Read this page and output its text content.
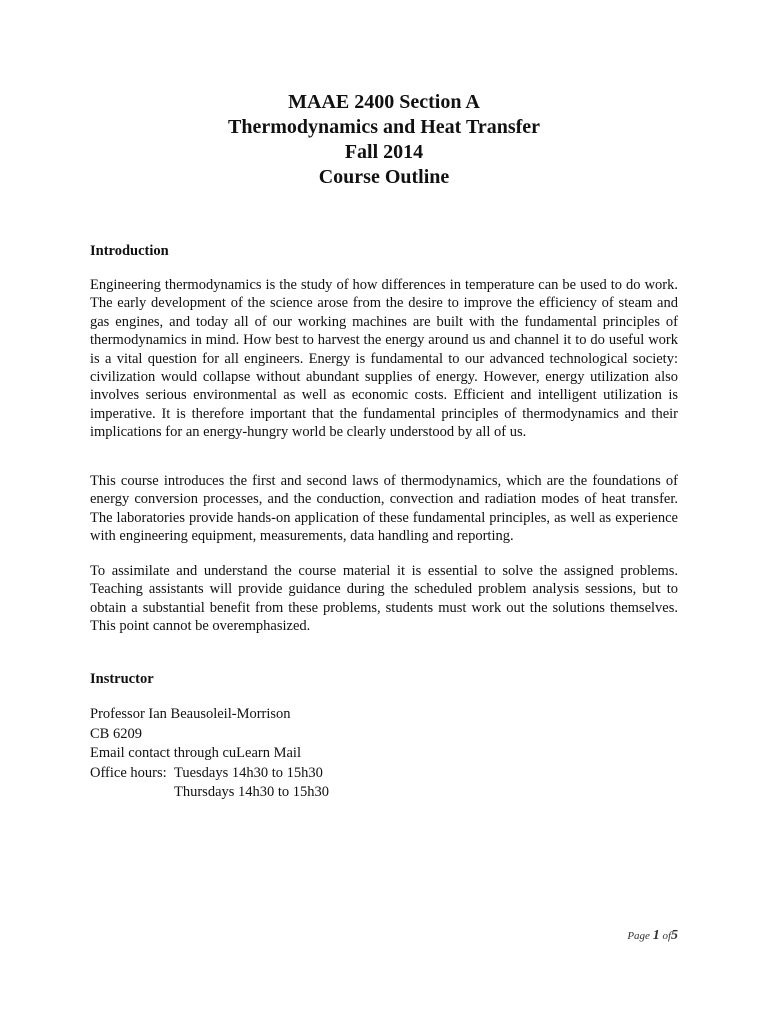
MAAE 2400 Section A
Thermodynamics and Heat Transfer
Fall 2014
Course Outline
Introduction

Engineering thermodynamics is the study of how differences in temperature can be used to do work. The early development of the science arose from the desire to improve the efficiency of steam and gas engines, and today all of our working machines are built with the fundamental principles of thermodynamics in mind. How best to harvest the energy around us and channel it to do useful work is a vital question for all engineers. Energy is fundamental to our advanced technological society: civilization would collapse without abundant supplies of energy. However, energy utilization also involves serious environmental as well as economic costs. Efficient and intelligent utilization is imperative. It is therefore important that the fundamental principles of thermodynamics and their implications for an energy-hungry world be clearly understood by all of us.

This course introduces the first and second laws of thermodynamics, which are the foundations of energy conversion processes, and the conduction, convection and radiation modes of heat transfer. The laboratories provide hands-on application of these fundamental principles, as well as experience with engineering equipment, measurements, data handling and reporting.

To assimilate and understand the course material it is essential to solve the assigned problems. Teaching assistants will provide guidance during the scheduled problem analysis sessions, but to obtain a substantial benefit from these problems, students must work out the solutions themselves. This point cannot be overemphasized.

Instructor
Professor Ian Beausoleil-Morrison
CB 6209
Email contact through cuLearn Mail
Office hours: Tuesdays 14h30 to 15h30
Thursdays 14h30 to 15h30
Page 1 of5
